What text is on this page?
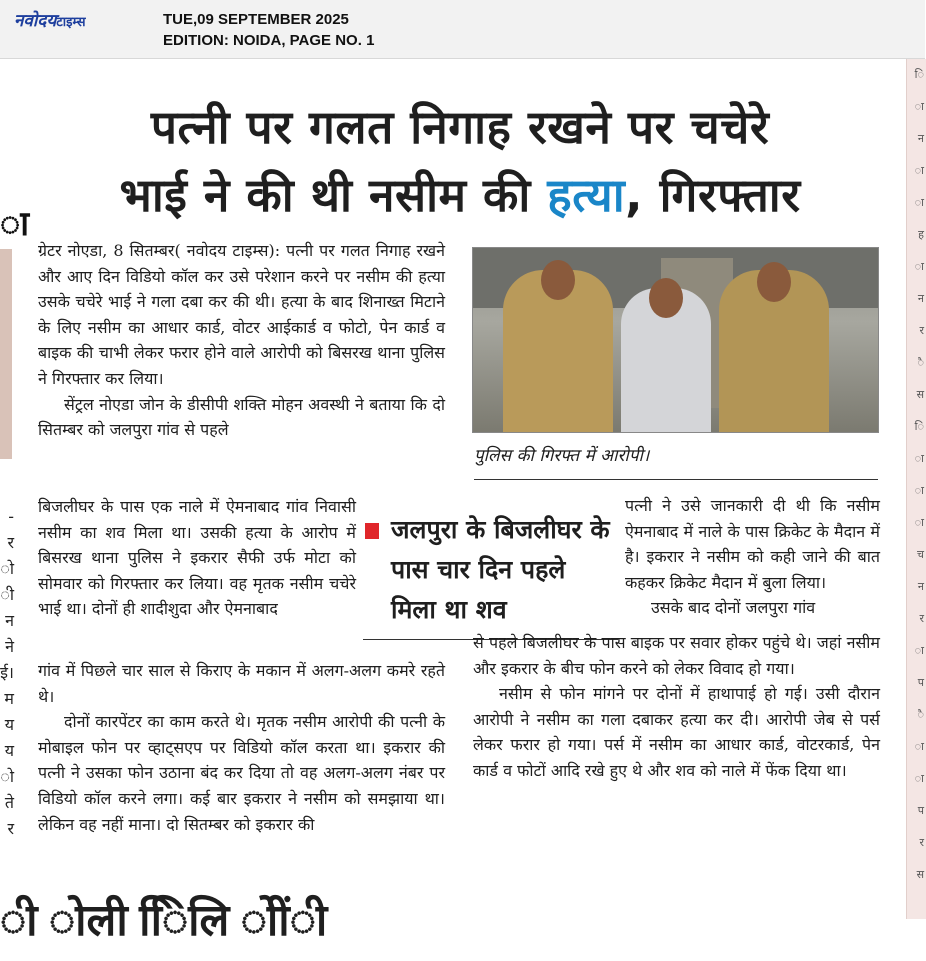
नवोदयटाइम्स	TUE,09 SEPTEMBER 2025
EDITION: NOIDA, PAGE NO. 1
ा
-
र
ो
ी
न
ने
ई।
म
य
य
ो
ते
र
ि
ा
न
ा
ा
ह
ा
न
र
ै
स
ि
ा
ा
ा
च
न
र
ा
प
ै
ा
ा
प
र
स
पत्नी पर गलत निगाह रखने पर चचेरे
भाई ने की थी नसीम की हत्या, गिरफ्तार

ग्रेटर नोएडा, 8 सितम्बर( नवोदय टाइम्स): पत्नी पर गलत निगाह रखने और आए दिन विडियो कॉल कर उसे परेशान करने पर नसीम की हत्या उसके चचेरे भाई ने गला दबा कर की थी। हत्या के बाद शिनाख्त मिटाने के लिए नसीम का आधार कार्ड, वोटर आईकार्ड व फोटो, पेन कार्ड व बाइक की चाभी लेकर फरार होने वाले आरोपी को बिसरख थाना पुलिस ने गिरफ्तार कर लिया।

सेंट्रल नोएडा जोन के डीसीपी शक्ति मोहन अवस्थी ने बताया कि दो सितम्बर को जलपुरा गांव से पहले

बिजलीघर के पास एक नाले में ऐमनाबाद गांव निवासी नसीम का शव मिला था। उसकी हत्या के आरोप में बिसरख थाना पुलिस ने इकरार सैफी उर्फ मोटा को सोमवार को गिरफ्तार कर लिया। वह मृतक नसीम चचेरे भाई था। दोनों ही शादीशुदा और ऐमनाबाद

गांव में पिछले चार साल से किराए के मकान में अलग-अलग कमरे रहते थे।

दोनों कारपेंटर का काम करते थे। मृतक नसीम आरोपी की पत्नी के मोबाइल फोन पर व्हाट्सएप पर विडियो कॉल करता था। इकरार की पत्नी ने उसका फोन उठाना बंद कर दिया तो वह अलग-अलग नंबर पर विडियो कॉल करने लगा। कई बार इकरार ने नसीम को समझाया था। लेकिन वह नहीं माना। दो सितम्बर को इकरार की

पुलिस की गिरफ्त में आरोपी।
जलपुरा के बिजलीघर के पास चार दिन पहले मिला था शव

पत्नी ने उसे जानकारी दी थी कि नसीम ऐमनाबाद में नाले के पास क्रिकेट के मैदान में है। इकरार ने नसीम को कही जाने की बात कहकर क्रिकेट मैदान में बुला लिया।

उसके बाद दोनों जलपुरा गांव

से पहले बिजलीघर के पास बाइक पर सवार होकर पहुंचे थे। जहां नसीम और इकरार के बीच फोन करने को लेकर विवाद हो गया।

नसीम से फोन मांगने पर दोनों में हाथापाई हो गई। उसी दौरान आरोपी ने नसीम का गला दबाकर हत्या कर दी। आरोपी जेब से पर्स लेकर फरार हो गया। पर्स में नसीम का आधार कार्ड, वोटरकार्ड, पेन कार्ड व फोटों आदि रखे हुए थे और शव को नाले में फेंक दिया था।

ी ोली ििलि ोींी
